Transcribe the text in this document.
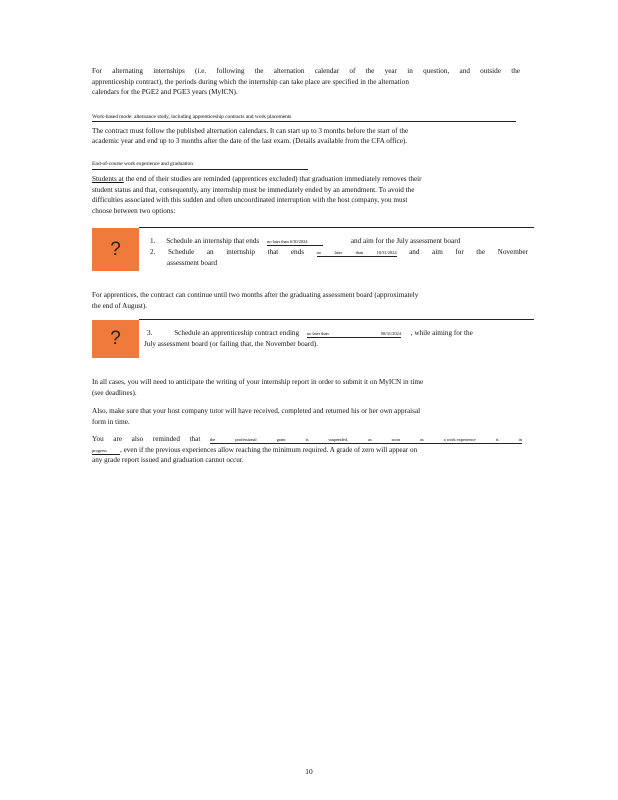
For alternating internships (i.e. following the alternation calendar of the year in question, and outside the
apprenticeship contract), the periods during which the internship can take place are specified in the alternation
calendars for the PGE2 and PGE3 years (MyICN).
Work-based mode: alternance study, including apprenticeship contracts and work placements
The contract must follow the published alternation calendars. It can start up to 3 months before the start of the
academic year and end up to 3 months after the date of the last exam. (Details available from the CFA office).
End-of-course work experience and graduation
Students at the end of their studies are reminded (apprentices excluded) that graduation immediately removes their
student status and that, consequently, any internship must be immediately ended by an amendment. To avoid the
difficulties associated with this sudden and often uncoordinated interruption with the host company, you must
choose between two options:
?	1. Schedule an internship that ends no later than 6/30/2024	and aim for the July assessment board
2. Schedule an internship that ends	no	later	than	10/31/2024 and aim for the November
assessment board
For apprentices, the contract can continue until two months after the graduating assessment board (approximately
the end of August).
?	3.	Schedule an apprenticeship contract ending no later than	08/31/2024 , while aiming for the
July assessment board (or failing that, the November board).
In all cases, you will need to anticipate the writing of your internship report in order to submit it on MyICN in time
(see deadlines).
Also, make sure that your host company tutor will have received, completed and returned his or her own appraisal
form in time.
You are also reminded that the	professional	grant	is	suspended,	as	soon	as	a work experience	is	in
progress , even if the previous experiences allow reaching the minimum required. A grade of zero will appear on
any grade report issued and graduation cannot occur.
10
